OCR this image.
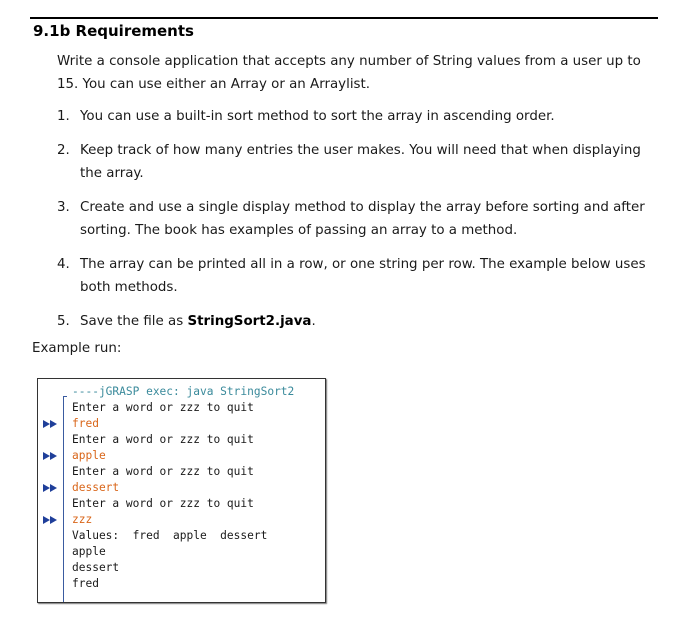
9.1b Requirements
Write a console application that accepts any number of String values from a user up to 15. You can use either an Array or an Arraylist.
1. You can use a built-in sort method to sort the array in ascending order.
2. Keep track of how many entries the user makes. You will need that when displaying the array.
3. Create and use a single display method to display the array before sorting and after sorting. The book has examples of passing an array to a method.
4. The array can be printed all in a row, or one string per row. The example below uses both methods.
5. Save the file as StringSort2.java.
Example run:
----jGRASP exec: java StringSort2
Enter a word or zzz to quit
fred
Enter a word or zzz to quit
apple
Enter a word or zzz to quit
dessert
Enter a word or zzz to quit
zzz
Values:  fred  apple  dessert
apple
dessert
fred
